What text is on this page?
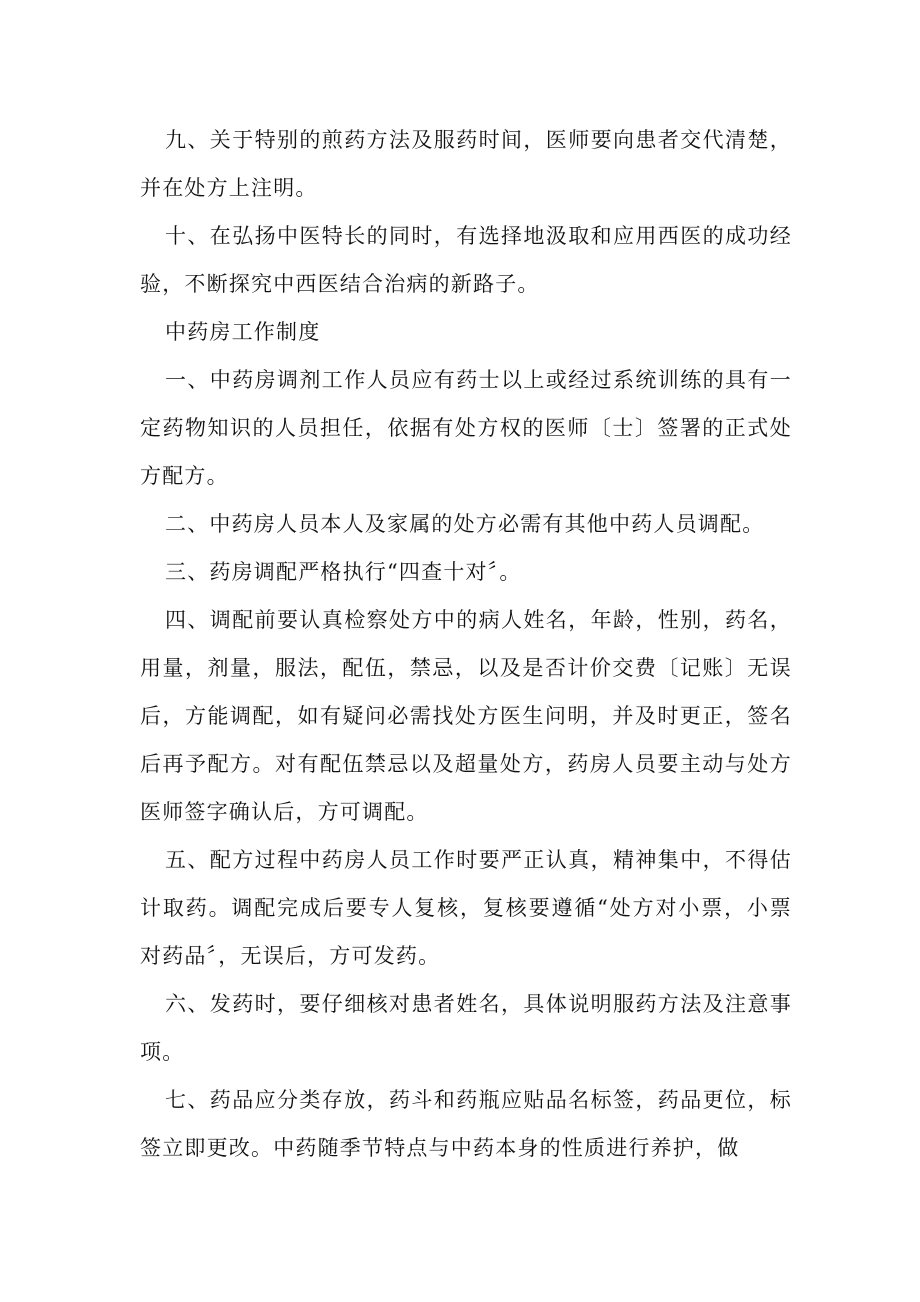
九、关于特别的煎药方法及服药时间，医师要向患者交代清楚，并在处方上注明。

十、在弘扬中医特长的同时，有选择地汲取和应用西医的成功经验，不断探究中西医结合治病的新路子。

中药房工作制度

一、中药房调剂工作人员应有药士以上或经过系统训练的具有一定药物知识的人员担任，依据有处方权的医师〔士〕签署的正式处方配方。

二、中药房人员本人及家属的处方必需有其他中药人员调配。

三、药房调配严格执行“四查十对〞。

四、调配前要认真检察处方中的病人姓名，年龄，性别，药名，用量，剂量，服法，配伍，禁忌，以及是否计价交费〔记账〕无误后，方能调配，如有疑问必需找处方医生问明，并及时更正，签名后再予配方。对有配伍禁忌以及超量处方，药房人员要主动与处方医师签字确认后，方可调配。

五、配方过程中药房人员工作时要严正认真，精神集中，不得估计取药。调配完成后要专人复核，复核要遵循“处方对小票，小票对药品〞，无误后，方可发药。

六、发药时，要仔细核对患者姓名，具体说明服药方法及注意事项。

七、药品应分类存放，药斗和药瓶应贴品名标签，药品更位，标签立即更改。中药随季节特点与中药本身的性质进行养护，做
